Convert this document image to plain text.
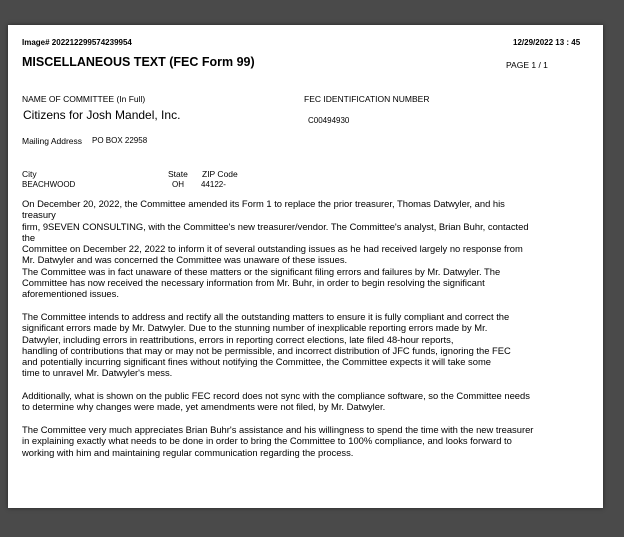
Image# 202212299574239954	12/29/2022 13 : 45
MISCELLANEOUS TEXT (FEC Form 99)	PAGE 1 / 1
NAME OF COMMITTEE (In Full)	FEC IDENTIFICATION NUMBER
Citizens for Josh Mandel, Inc.	C00494930
Mailing Address PO BOX 22958
City	State ZIP Code
BEACHWOOD	OH 44122-
On December 20, 2022, the Committee amended its Form 1 to replace the prior treasurer, Thomas Datwyler, and his
treasury
firm, 9SEVEN CONSULTING, with the Committee's new treasurer/vendor. The Committee's analyst, Brian Buhr, contacted
the
Committee on December 22, 2022 to inform it of several outstanding issues as he had received largely no response from
Mr. Datwyler and was concerned the Committee was unaware of these issues.
The Committee was in fact unaware of these matters or the significant filing errors and failures by Mr. Datwyler. The
Committee has now received the necessary information from Mr. Buhr, in order to begin resolving the significant
aforementioned issues.
The Committee intends to address and rectify all the outstanding matters to ensure it is fully compliant and correct the
significant errors made by Mr. Datwyler. Due to the stunning number of inexplicable reporting errors made by Mr.
Datwyler, including errors in reattributions, errors in reporting correct elections, late filed 48-hour reports,
handling of contributions that may or may not be permissible, and incorrect distribution of JFC funds, ignoring the FEC
and potentially incurring significant fines without notifying the Committee, the Committee expects it will take some
time to unravel Mr. Datwyler's mess.
Additionally, what is shown on the public FEC record does not sync with the compliance software, so the Committee needs
to determine why changes were made, yet amendments were not filed, by Mr. Datwyler.
The Committee very much appreciates Brian Buhr's assistance and his willingness to spend the time with the new treasurer
in explaining exactly what needs to be done in order to bring the Committee to 100% compliance, and looks forward to
working with him and maintaining regular communication regarding the process.
